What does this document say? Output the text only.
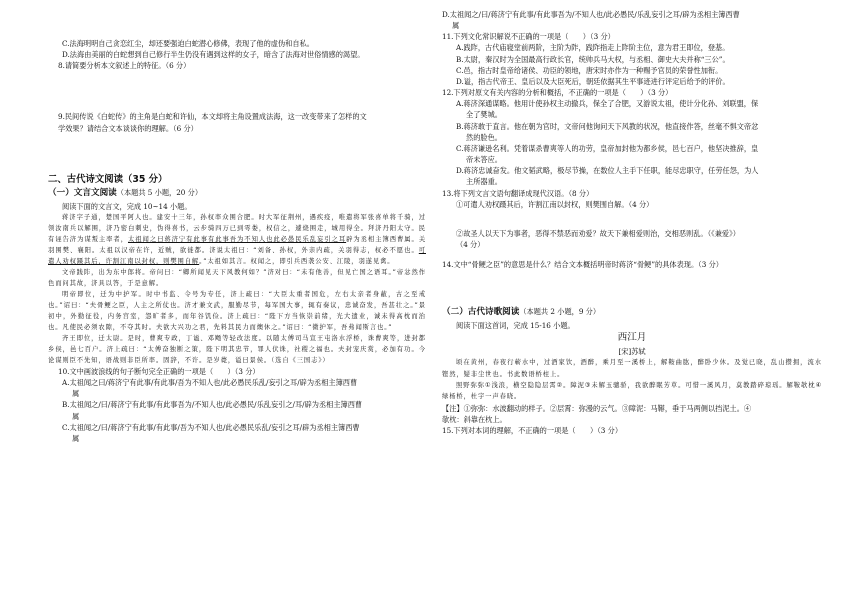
C.法海明明自己贪恋红尘，却还要强迫白蛇潜心修佛，表现了他的虚伪和自私。
D.法海由美丽的白蛇想到自己修行半生仍没有遇到这样的女子，暗含了法海对世俗情感的渴望。
8.请简要分析本文叙述上的特征。（6 分）
9.民间传说《白蛇传》的主角是白蛇和许仙，本文却将主角设置成法海，这一改变带来了怎样的文
学效果？请结合文本谈谈你的理解。（6 分）
二、古代诗文阅读（35 分）
（一）文言文阅读（本题共 5 小题，20 分）
阅读下面的文言文，完成 10~14 小题。
蒋济字子通，楚国平阿人也。建安十三年，孙权率众围合肥。时大军征荆州，遇疾疫，唯遣将军张喜单将千骑，过领汝南兵以解围，济乃密白刺史，伪得喜书，云步骑四万已到雩娄，权信之，遽烧围走，城用得全。拜济丹阳太守。民有诬告济为谋叛主率者，太祖闻之曰蒋济宁有此事有此事吾为不知人也此必愚民乐乱妄引之耳辟为丞相主簿西曹属。关羽围樊、襄阳。太祖以汉帝在许，近贼，欲徙都。济说太祖曰：“刘备、孙权，外亲内疏，关羽得志，权必不愿也。可遣人劝权蹑其后，许割江南以封权，则樊围自解。”太祖如其言。权闻之，即引兵西袭公安、江陵，羽遂见禽。
文帝践阼，出为东中郎将。帝问曰：“卿所闻见天下风教何如？”济对曰：“未有他善，但见亡国之语耳。”帝忿然作色而问其故，济具以答，于是意解。
明帝即位，迁为中护军。时中书监、令号为专任，济上疏曰：“大臣太重者国危，左右太亲者身蔽，古之至戒也。”诏曰：“夫骨鲠之臣，人主之所仗也。济才兼文武，服勤尽节，每军国大事，辄有奏议，忠诚奋发，吾甚壮之。”景初中，外勤征役，内务宫室，怨旷者多，而年谷饥俭。济上疏曰：“陛下方当恢崇前绪，光大遗业，诚未得高枕而治也。凡使民必须农隙，不夺其时。夫欲大兴功之君，先料其民力而燠休之。”诏曰：“微护军，吾弗闻斯言也。”
齐王即位，迁太尉。是时，曹爽专政，丁谧、邓飏等轻改法度。以随太傅司马宣王屯洛水浮桥，诛曹爽等，进封都乡侯，邑七百户。济上疏曰：“太傅奋独断之策，陛下明其忠节，罪人伏诛，社稷之福也。夫封宠庆赏，必加有功。今论谋则臣不先知，语战则非臣所率。固辞，不许。是岁薨，谥曰景侯。（选自《三国志》）
10.文中画波浪线的句子断句完全正确的一项是（　　）（3 分）
A.太祖闻之曰/蒋济宁有此事/有此事/吾为不知人也/此必愚民乐乱/妄引之耳/辟为丞相主簿西曹
属
B.太祖闻之/曰/蒋济宁有此事/有此事吾为/不知人也/此必愚民/乐乱妄引之/耳/辟为丞相主簿西曹
属
C.太祖闻之/曰/蒋济宁有此事/有此事/吾为不知人也/此必愚民乐乱/妄引之耳/辟为丞相主簿西曹
属
D.太祖闻之/曰/蒋济宁有此事/有此事吾为/不知人也/此必愚民/乐乱妄引之耳/辟为丞相主簿西曹
属
11.下列文化常识解说不正确的一项是（　　）（3 分）
A.践阼，古代庙寝堂前两阶，主阶为阼，践阼指走上阼阶主位，意为君王即位，登基。
B.太尉，秦汉时为全国最高行政长官，统帅兵马大权，与丞相、御史大夫并称“三公”。
C.邑，指古时皇帝给诸侯、功臣的领地，唐宋时亦作为一种赐予官员的荣誉性加衔。
D.谥，指古代帝王、皇后以及大臣死后，朝廷依据其生平事迹进行评定后给予的评价。
12.下列对原文有关内容的分析和概括，不正确的一项是（　　）（3 分）
A.蒋济深通谋略。他用计使孙权主动撤兵，保全了合肥，又游说太祖，使计分化孙、刘联盟，保
全了樊城。
B.蒋济敢于直言。他在朝为官时，文帝问他询问天下风教的状况，他直接作答，丝毫不惧文帝忿
然的脸色。
C.蒋济谦逊名利。凭着谋杀曹爽等人的功劳，皇帝加封他为都乡侯，邑七百户，他坚决推辞，皇
帝未答应。
D.蒋济忠诚奋发。他文韬武略，极尽节操，在数位人主手下任职，能尽忠职守，任劳任怨，为人
主所器重。
13.将下列文言文语句翻译成现代汉语。（8 分）
①可遣人劝权蹑其后，许割江南以封权，则樊围自解。（4 分）
②故圣人以天下为事者，恶得不禁恶而劝爱？故天下兼相爱则治，交相恶则乱。（《兼爱》）
（4 分）
14.文中“骨鲠之臣”的意思是什么？结合文本概括明帝时蒋济“骨鲠”的具体表现。（3 分）
（二）古代诗歌阅读（本题共 2 小题，9 分）
阅读下面这首词，完成 15-16 小题。
西江月
[宋]苏轼
顷在黄州，春夜行蕲水中，过酒家饮，酒醉，乘月至一溪桥上，解鞍曲肱，醉卧少休。及觉已晓，乱山攒拥，流水铿然，疑非尘世也。书此数语桥柱上。
照野弥弥①浅浪，横空隐隐层霄②。障泥③未解玉骢骄，我欲醉眠芳草。可惜一溪风月，莫教踏碎琼瑶。解鞍欹枕④绿杨桥，杜宇一声春晓。
【注】①弥弥：水波翻动的样子。②层霄：弥漫的云气。③障泥：马鞯，垂于马两侧以挡泥土。④
欹枕：斜靠在枕上。
15.下列对本词的理解，不正确的一项是（　　）（3 分）
